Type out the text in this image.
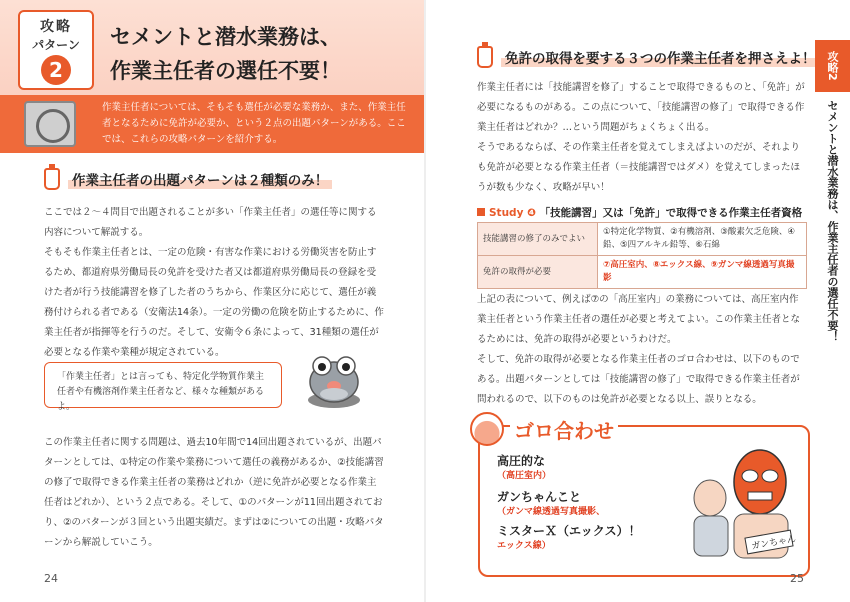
攻略
パターン
2
セメントと潜水業務は、
作業主任者の選任不要！
作業主任者については、そもそも選任が必要な業務か、また、作業主任者となるために免許が必要か、という２点の出題パターンがある。ここでは、これらの攻略パターンを紹介する。
作業主任者の出題パターンは２種類のみ！
ここでは２～４問目で出題されることが多い「作業主任者」の選任等に関する内容について解説する。
そもそも作業主任者とは、一定の危険・有害な作業における労働災害を防止するため、都道府県労働局長の免許を受けた者又は都道府県労働局長の登録を受けた者が行う技能講習を修了した者のうちから、作業区分に応じて、選任が義務付けられる者である（安衛法14条）。一定の労働の危険を防止するために、作業主任者が指揮等を行うのだ。そして、安衛令６条によって、31種類の選任が必要となる作業や業種が規定されている。
「作業主任者」とは言っても、特定化学物質作業主任者や有機溶剤作業主任者など、様々な種類があるよ。
この作業主任者に関する問題は、過去10年間で14回出題されているが、出題パターンとしては、①特定の作業や業務について選任の義務があるか、②技能講習の修了で取得できる作業主任者の業務はどれか（逆に免許が必要となる作業主任者はどれか）、という２点である。そして、①のパターンが11回出題されており、②のパターンが３回という出題実績だ。まずは②についての出題・攻略パターンから解説していこう。
24
免許の取得を要する３つの作業主任者を押さえよ！
作業主任者には「技能講習を修了」することで取得できるものと、「免許」が必要になるものがある。この点について、「技能講習の修了」で取得できる作業主任者はどれか？…という問題がちょくちょく出る。
そうであるならば、その作業主任者を覚えてしまえばよいのだが、それよりも免許が必要となる作業主任者（＝技能講習ではダメ）を覚えてしまったほうが数も少なく、攻略が早い！
Study ❹ 「技能講習」又は「免許」で取得できる作業主任者資格
技能講習の修了のみでよい	①特定化学物質、②有機溶剤、③酸素欠乏危険、④鉛、⑤四アルキル鉛等、⑥石綿
免許の取得が必要	⑦高圧室内、⑧エックス線、⑨ガンマ線透過写真撮影
上記の表について、例えば⑦の「高圧室内」の業務については、高圧室内作業主任者という作業主任者の選任が必要と考えてよい。この作業主任者となるためには、免許の取得が必要というわけだ。
そして、免許の取得が必要となる作業主任者のゴロ合わせは、以下のものである。出題パターンとしては「技能講習の修了」で取得できる作業主任者が問われるので、以下のものは免許が必要となる以上、誤りとなる。
ゴロ合わせ
高圧的な
（高圧室内）
ガンちゃんこと
（ガンマ線透過写真撮影、
ミスターＸ（エックス）！
エックス線）	ガンちゃん
攻略2
セメントと潜水業務は、作業主任者の選任不要！
25
